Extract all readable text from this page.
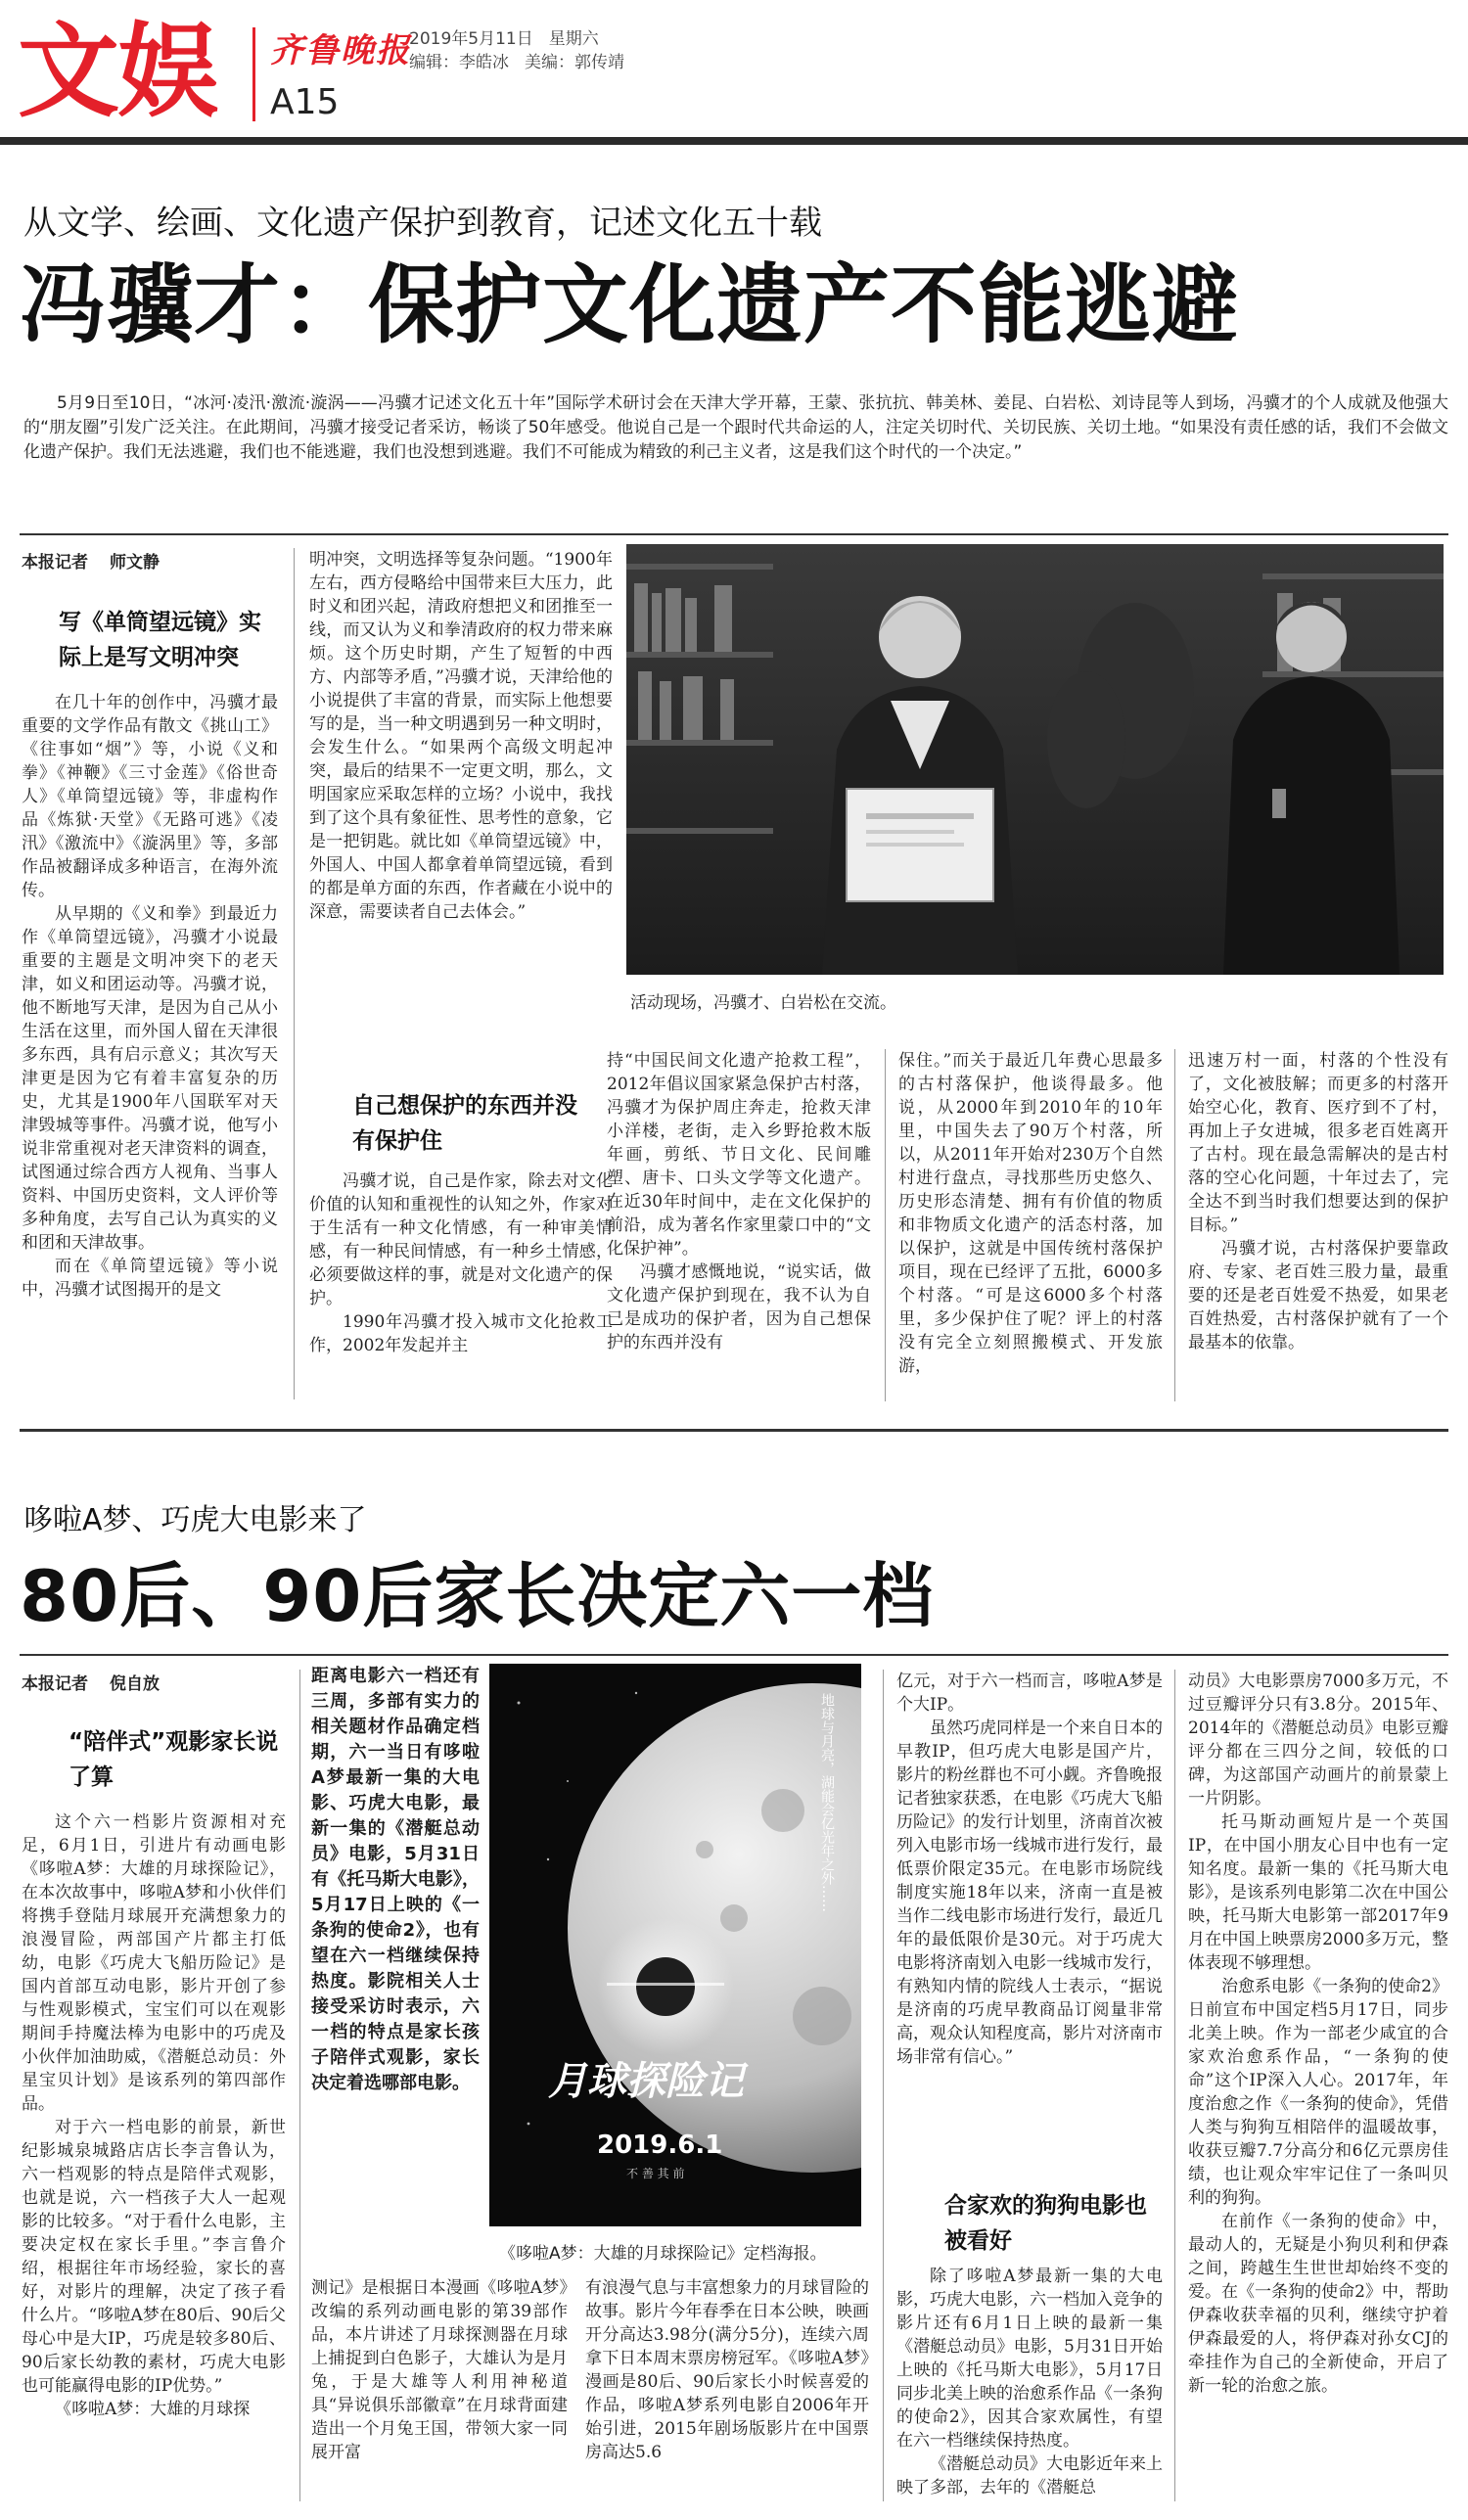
文娱 齐鲁晚报
A15
2019年5月11日 星期六
编辑：李皓冰 美编：郭传靖
从文学、绘画、文化遗产保护到教育，记述文化五十载
冯骥才：保护文化遗产不能逃避
5月9日至10日，“冰河·凌汛·激流·漩涡——冯骥才记述文化五十年”国际学术研讨会在天津大学开幕，王蒙、张抗抗、韩美林、姜昆、白岩松、刘诗昆等人到场，冯骥才的个人成就及他强大的“朋友圈”引发广泛关注。在此期间，冯骥才接受记者采访，畅谈了50年感受。他说自己是一个跟时代共命运的人，注定关切时代、关切民族、关切土地。“如果没有责任感的话，我们不会做文化遗产保护。我们无法逃避，我们也不能逃避，我们也没想到逃避。我们不可能成为精致的利己主义者，这是我们这个时代的一个决定。”
本报记者 师文静
写《单筒望远镜》实际上是写文明冲突

在几十年的创作中，冯骥才最重要的文学作品有散文《挑山工》《往事如“烟”》等，小说《义和拳》《神鞭》《三寸金莲》《俗世奇人》《单筒望远镜》等，非虚构作品《炼狱·天堂》《无路可逃》《凌汛》《激流中》《漩涡里》等，多部作品被翻译成多种语言，在海外流传。

从早期的《义和拳》到最近力作《单筒望远镜》，冯骥才小说最重要的主题是文明冲突下的老天津，如义和团运动等。冯骥才说，他不断地写天津，是因为自己从小生活在这里，而外国人留在天津很多东西，具有启示意义；其次写天津更是因为它有着丰富复杂的历史，尤其是1900年八国联军对天津毁城等事件。冯骥才说，他写小说非常重视对老天津资料的调查，试图通过综合西方人视角、当事人资料、中国历史资料，文人评价等多种角度，去写自己认为真实的义和团和天津故事。

而在《单筒望远镜》等小说中，冯骥才试图揭开的是文

明冲突，文明选择等复杂问题。“1900年左右，西方侵略给中国带来巨大压力，此时义和团兴起，清政府想把义和团推至一线，而又认为义和拳清政府的权力带来麻烦。这个历史时期，产生了短暂的中西方、内部等矛盾，”冯骥才说，天津给他的小说提供了丰富的背景，而实际上他想要写的是，当一种文明遇到另一种文明时，会发生什么。“如果两个高级文明起冲突，最后的结果不一定更文明，那么，文明国家应采取怎样的立场？小说中，我找到了这个具有象征性、思考性的意象，它是一把钥匙。就比如《单筒望远镜》中，外国人、中国人都拿着单筒望远镜，看到的都是单方面的东西，作者藏在小说中的深意，需要读者自己去体会。”

自己想保护的东西并没有保护住

冯骥才说，自己是作家，除去对文化价值的认知和重视性的认知之外，作家对于生活有一种文化情感，有一种审美情感，有一种民间情感，有一种乡土情感，必须要做这样的事，就是对文化遗产的保护。

1990年冯骥才投入城市文化抢救工作，2002年发起并主

活动现场，冯骥才、白岩松在交流。

持“中国民间文化遗产抢救工程”，2012年倡议国家紧急保护古村落，冯骥才为保护周庄奔走，抢救天津小洋楼，老街，走入乡野抢救木版年画，剪纸、节日文化、民间雕塑、唐卡、口头文学等文化遗产。在近30年时间中，走在文化保护的前沿，成为著名作家里蒙口中的“文化保护神”。

冯骥才感慨地说，“说实话，做文化遗产保护到现在，我不认为自己是成功的保护者，因为自己想保护的东西并没有

保住。”而关于最近几年费心思最多的古村落保护，他谈得最多。他说，从2000年到2010年的10年里，中国失去了90万个村落，所以，从2011年开始对230万个自然村进行盘点，寻找那些历史悠久、历史形态清楚、拥有有价值的物质和非物质文化遗产的活态村落，加以保护，这就是中国传统村落保护项目，现在已经评了五批，6000多个村落。“可是这6000多个村落里，多少保护住了呢？评上的村落没有完全立刻照搬模式、开发旅游，

迅速万村一面，村落的个性没有了，文化被肢解；而更多的村落开始空心化，教育、医疗到不了村，再加上子女进城，很多老百姓离开了古村。现在最急需解决的是古村落的空心化问题，十年过去了，完全达不到当时我们想要达到的保护目标。”

冯骥才说，古村落保护要靠政府、专家、老百姓三股力量，最重要的还是老百姓爱不热爱，如果老百姓热爱，古村落保护就有了一个最基本的依靠。

哆啦A梦、巧虎大电影来了
80后、90后家长决定六一档
本报记者 倪自放
“陪伴式”观影家长说了算

这个六一档影片资源相对充足，6月1日，引进片有动画电影《哆啦A梦：大雄的月球探险记》，在本次故事中，哆啦A梦和小伙伴们将携手登陆月球展开充满想象力的浪漫冒险，两部国产片都主打低幼，电影《巧虎大飞船历险记》是国内首部互动电影，影片开创了参与性观影模式，宝宝们可以在观影期间手持魔法棒为电影中的巧虎及小伙伴加油助威，《潜艇总动员：外星宝贝计划》是该系列的第四部作品。

对于六一档电影的前景，新世纪影城泉城路店店长李言鲁认为，六一档观影的特点是陪伴式观影，也就是说，六一档孩子大人一起观影的比较多。“对于看什么电影，主要决定权在家长手里。”李言鲁介绍，根据往年市场经验，家长的喜好，对影片的理解，决定了孩子看什么片。“哆啦A梦在80后、90后父母心中是大IP，巧虎是较多80后、90后家长幼教的素材，巧虎大电影也可能赢得电影的IP优势。”

《哆啦A梦：大雄的月球探

距离电影六一档还有三周，多部有实力的相关题材作品确定档期，六一当日有哆啦A梦最新一集的大电影、巧虎大电影，最新一集的《潜艇总动员》电影，5月31日有《托马斯大电影》，5月17日上映的《一条狗的使命2》，也有望在六一档继续保持热度。影院相关人士接受采访时表示，六一档的特点是家长孩子陪伴式观影，家长决定着选哪部电影。 月球探险记
2019.6.1
不 善 其 前
地球与月亮，湖能会亿光年之外……
《哆啦A梦：大雄的月球探险记》定档海报。

测记》是根据日本漫画《哆啦A梦》改编的系列动画电影的第39部作品，本片讲述了月球探测器在月球上捕捉到白色影子，大雄认为是月兔，于是大雄等人利用神秘道具“异说俱乐部徽章”在月球背面建造出一个月兔王国，带领大家一同展开富

有浪漫气息与丰富想象力的月球冒险的故事。影片今年春季在日本公映，映画开分高达3.98分(满分5分)，连续六周拿下日本周末票房榜冠军。《哆啦A梦》漫画是80后、90后家长小时候喜爱的作品，哆啦A梦系列电影自2006年开始引进，2015年剧场版影片在中国票房高达5.6

亿元，对于六一档而言，哆啦A梦是个大IP。

虽然巧虎同样是一个来自日本的早教IP，但巧虎大电影是国产片，影片的粉丝群也不可小觑。齐鲁晚报记者独家获悉，在电影《巧虎大飞船历险记》的发行计划里，济南首次被列入电影市场一线城市进行发行，最低票价限定35元。在电影市场院线制度实施18年以来，济南一直是被当作二线电影市场进行发行，最近几年的最低限价是30元。对于巧虎大电影将济南划入电影一线城市发行，有熟知内情的院线人士表示，“据说是济南的巧虎早教商品订阅量非常高，观众认知程度高，影片对济南市场非常有信心。”

合家欢的狗狗电影也被看好

除了哆啦A梦最新一集的大电影，巧虎大电影，六一档加入竞争的影片还有6月1日上映的最新一集《潜艇总动员》电影，5月31日开始上映的《托马斯大电影》，5月17日同步北美上映的治愈系作品《一条狗的使命2》，因其合家欢属性，有望在六一档继续保持热度。

《潜艇总动员》大电影近年来上映了多部，去年的《潜艇总

动员》大电影票房7000多万元，不过豆瓣评分只有3.8分。2015年、2014年的《潜艇总动员》电影豆瓣评分都在三四分之间，较低的口碑，为这部国产动画片的前景蒙上一片阴影。

托马斯动画短片是一个英国IP，在中国小朋友心目中也有一定知名度。最新一集的《托马斯大电影》，是该系列电影第二次在中国公映，托马斯大电影第一部2017年9月在中国上映票房2000多万元，整体表现不够理想。

治愈系电影《一条狗的使命2》日前宣布中国定档5月17日，同步北美上映。作为一部老少咸宜的合家欢治愈系作品，“一条狗的使命”这个IP深入人心。2017年，年度治愈之作《一条狗的使命》，凭借人类与狗狗互相陪伴的温暖故事，收获豆瓣7.7分高分和6亿元票房佳绩，也让观众牢牢记住了一条叫贝利的狗狗。

在前作《一条狗的使命》中，最动人的，无疑是小狗贝利和伊森之间，跨越生生世世却始终不变的爱。在《一条狗的使命2》中，帮助伊森收获幸福的贝利，继续守护着伊森最爱的人，将伊森对孙女CJ的牵挂作为自己的全新使命，开启了新一轮的治愈之旅。
